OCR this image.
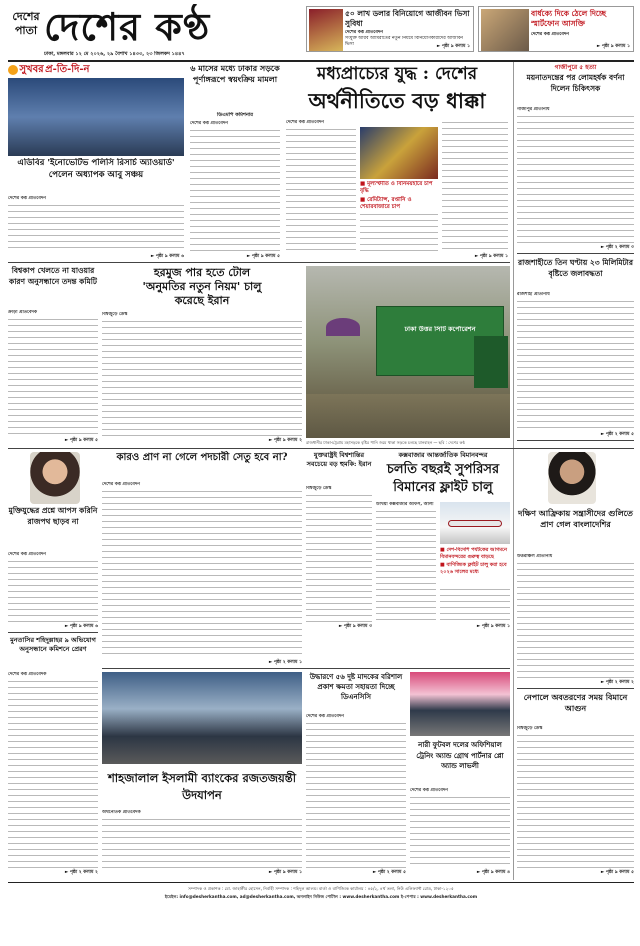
দেশের
পাতা দেশের কণ্ঠ	৫০ লাখ ডলার বিনিয়োগে আজীবন ভিসা সুবিধা
দেশের কণ্ঠ প্রতিবেদন
সংযুক্ত আরব আমিরাতের নতুন নিয়মে বিনিয়োগকারীদের আজীবন ভিসা	► পৃষ্ঠা ৯ কলাম ১
বার্ধক্যে দিকে ঠেলে দিচ্ছে স্মার্টফোন আসক্তি
দেশের কণ্ঠ প্রতিবেদন
► পৃষ্ঠা ৯ কলাম ১
ঢাকা, মঙ্গলবার ১২ মে ২০২৬, ২৯ বৈশাখ ১৪৩৩, ২৩ জিলকদ ১৪৪৭
সুখবর প্র-তি-দি-ন
এডিবির 'ইনোভেটিভ পলিসি রিসার্চ অ্যাওয়ার্ড' পেলেন অধ্যাপক আবু সঞ্চয়
দেশের কণ্ঠ প্রতিবেদন
► পৃষ্ঠা ৯ কলাম ৬
৬ মাসের মধ্যে ঢাকার সড়কে পূর্ণাঙ্গরূপে স্বয়ংক্রিয় মামলা
ডিএমপি কমিশনার
দেশের কণ্ঠ প্রতিবেদন
► পৃষ্ঠা ৯ কলাম ৫
মধ্যপ্রাচ্যের যুদ্ধ : দেশের
অর্থনীতিতে বড় ধাক্কা
দেশের কণ্ঠ প্রতিবেদন
■ মূল্যস্ফীতি ও বিনিময়হারে চাপ বৃদ্ধি
■ রেমিট্যান্স, রপ্তানি ও শেয়ারবাজারে চাপ
► পৃষ্ঠা ৯ কলাম ১
গাজীপুরে ৫ হত্যা
ময়নাতদন্তের পর লোমহর্ষক বর্ণনা দিলেন চিকিৎসক
গাজীপুর প্রতিনিধি
► পৃষ্ঠা ২ কলাম ৩
রাজশাহীতে তিন ঘণ্টায় ২৩ মিলিমিটার বৃষ্টিতে জলাবদ্ধতা
রাজশাহী প্রতিনিধি
► পৃষ্ঠা ২ কলাম ৫
বিশ্বকাপ খেলতে না যাওয়ার কারণ অনুসন্ধানে তদন্ত কমিটি
ক্রীড়া প্রতিবেদক
► পৃষ্ঠা ৯ কলাম ৫
হরমুজ পার হতে টোল
'অনুমতির নতুন নিয়ম' চালু
করেছে ইরান
বিশ্বজুড়ে ডেস্ক
► পৃষ্ঠা ৯ কলাম ২
ঢাকা উত্তর সিটি কর্পোরেশন
রাজধানীর ঢাকা-চট্টগ্রাম মহাসড়কে বৃষ্টির পানি জমে থাকা সড়কে চলছে যানবাহন — ছবি : দেশের কণ্ঠ
কারও প্রাণ না গেলে পদচারী সেতু হবে না?
দেশের কণ্ঠ প্রতিবেদন
► পৃষ্ঠা ২ কলাম ১
মুক্তিযুদ্ধের প্রশ্নে আপস করিনি রাজপথ ছাড়ব না
দেশের কণ্ঠ প্রতিবেদন
► পৃষ্ঠা ৯ কলাম ৬
যুক্তরাষ্ট্রই বিশ্বশান্তির সবচেয়ে বড় হুমকি: ইরান
বিশ্বজুড়ে ডেস্ক
► পৃষ্ঠা ৯ কলাম ৩
কক্সবাজার আন্তর্জাতিক বিমানবন্দর
চলতি বছরই সুপরিসর
বিমানের ফ্লাইট চালু
উখিয়া কক্সবাজার অফিস, আলী
■ দেশ-বিদেশি পর্যটকের আগমনে বিমানবন্দরের গুরুত্ব বাড়ছে
■ বাণিজ্যিক ফ্লাইট চালু করা হবে ২০২৬ সালের মধ্যে
► পৃষ্ঠা ৯ কলাম ১
দক্ষিণ আফ্রিকায় সন্ত্রাসীদের গুলিতে প্রাণ গেল বাংলাদেশির
উত্তরাঞ্চল প্রতিনিধি
► পৃষ্ঠা ২ কলাম ২
মুনতাসির শহিদুল্লাহর ৯ অভিযোগ অনুসন্ধানে কমিশনে প্রেরণ
দেশের কণ্ঠ প্রতিবেদক
► পৃষ্ঠা ২ কলাম ২
শাহজালাল ইসলামী ব্যাংকের রজতজয়ন্তী উদযাপন
অর্থনৈতিক প্রতিবেদক
► পৃষ্ঠা ৯ কলাম ১
উদ্ধারণে ৫৬ দুষ্ট মাদকের বরিশাল প্রকাশ ক্ষমতা সহায়তা দিচ্ছে ডিএনসিসি
দেশের কণ্ঠ প্রতিবেদন
► পৃষ্ঠা ২ কলাম ৫
নারী ফুটবল দলের অফিশিয়াল ট্রেনিং অ্যান্ড গ্রোথ পার্টনার প্লো অ্যান্ড লাভলী
দেশের কণ্ঠ প্রতিবেদন
► পৃষ্ঠা ৯ কলাম ৪
নেপালে অবতরণের সময় বিমানে আগুন
বিশ্বজুড়ে ডেস্ক
► পৃষ্ঠা ৯ কলাম ৫
সম্পাদক ও প্রকাশক : মো. জাহাঙ্গীর হোসেন, নির্বাহী সম্পাদক : শহিদুল আলম। বার্তা ও বাণিজ্যিক কার্যালয় : ৪৫/২, ৪র্থ তলা, নিউ এলিফ্যান্ট রোড, ঢাকা-১২০৫
ইমেইল: info@desherkantha.com, ad@desherkantha.com, অনলাইন নিউজ পোর্টাল : www.desherkantha.com ই-পেপার : www.desherkantha.com
